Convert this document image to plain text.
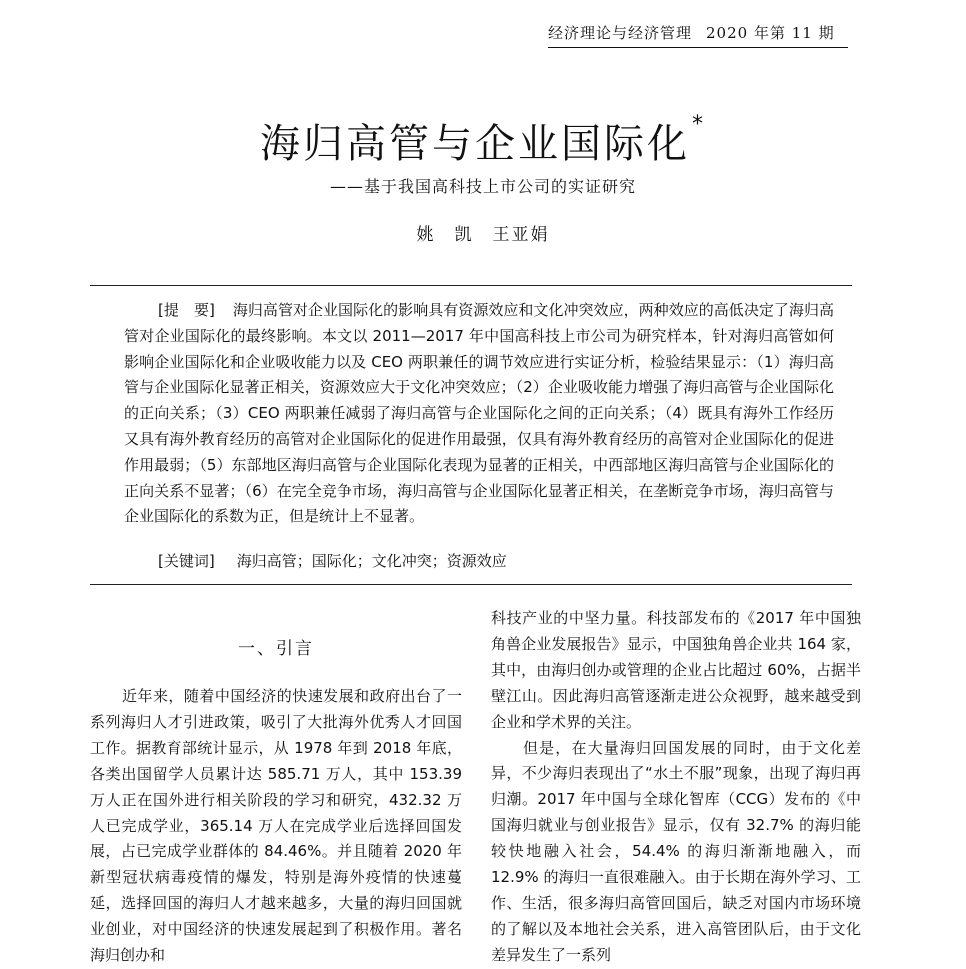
经济理论与经济管理 2020 年第 11 期
海归高管与企业国际化*
——基于我国高科技上市公司的实证研究
姚　凯　王亚娟

[提　要] 海归高管对企业国际化的影响具有资源效应和文化冲突效应，两种效应的高低决定了海归高管对企业国际化的最终影响。本文以 2011—2017 年中国高科技上市公司为研究样本，针对海归高管如何影响企业国际化和企业吸收能力以及 CEO 两职兼任的调节效应进行实证分析，检验结果显示：（1）海归高管与企业国际化显著正相关，资源效应大于文化冲突效应；（2）企业吸收能力增强了海归高管与企业国际化的正向关系；（3）CEO 两职兼任减弱了海归高管与企业国际化之间的正向关系；（4）既具有海外工作经历又具有海外教育经历的高管对企业国际化的促进作用最强，仅具有海外教育经历的高管对企业国际化的促进作用最弱；（5）东部地区海归高管与企业国际化表现为显著的正相关，中西部地区海归高管与企业国际化的正向关系不显著；（6）在完全竞争市场，海归高管与企业国际化显著正相关，在垄断竞争市场，海归高管与企业国际化的系数为正，但是统计上不显著。

[关键词] 海归高管；国际化；文化冲突；资源效应
一、引言

近年来，随着中国经济的快速发展和政府出台了一系列海归人才引进政策，吸引了大批海外优秀人才回国工作。据教育部统计显示，从 1978 年到 2018 年底，各类出国留学人员累计达 585.71 万人，其中 153.39 万人正在国外进行相关阶段的学习和研究，432.32 万人已完成学业，365.14 万人在完成学业后选择回国发展，占已完成学业群体的 84.46%。并且随着 2020 年新型冠状病毒疫情的爆发，特别是海外疫情的快速蔓延，选择回国的海归人才越来越多，大量的海归回国就业创业，对中国经济的快速发展起到了积极作用。著名海归创办和

科技产业的中坚力量。科技部发布的《2017 年中国独角兽企业发展报告》显示，中国独角兽企业共 164 家，其中，由海归创办或管理的企业占比超过 60%，占据半壁江山。因此海归高管逐渐走进公众视野，越来越受到企业和学术界的关注。

但是，在大量海归回国发展的同时，由于文化差异，不少海归表现出了“水土不服”现象，出现了海归再归潮。2017 年中国与全球化智库（CCG）发布的《中国海归就业与创业报告》显示，仅有 32.7% 的海归能较快地融入社会，54.4% 的海归渐渐地融入，而 12.9% 的海归一直很难融入。由于长期在海外学习、工作、生活，很多海归高管回国后，缺乏对国内市场环境的了解以及本地社会关系，进入高管团队后，由于文化差异发生了一系列
